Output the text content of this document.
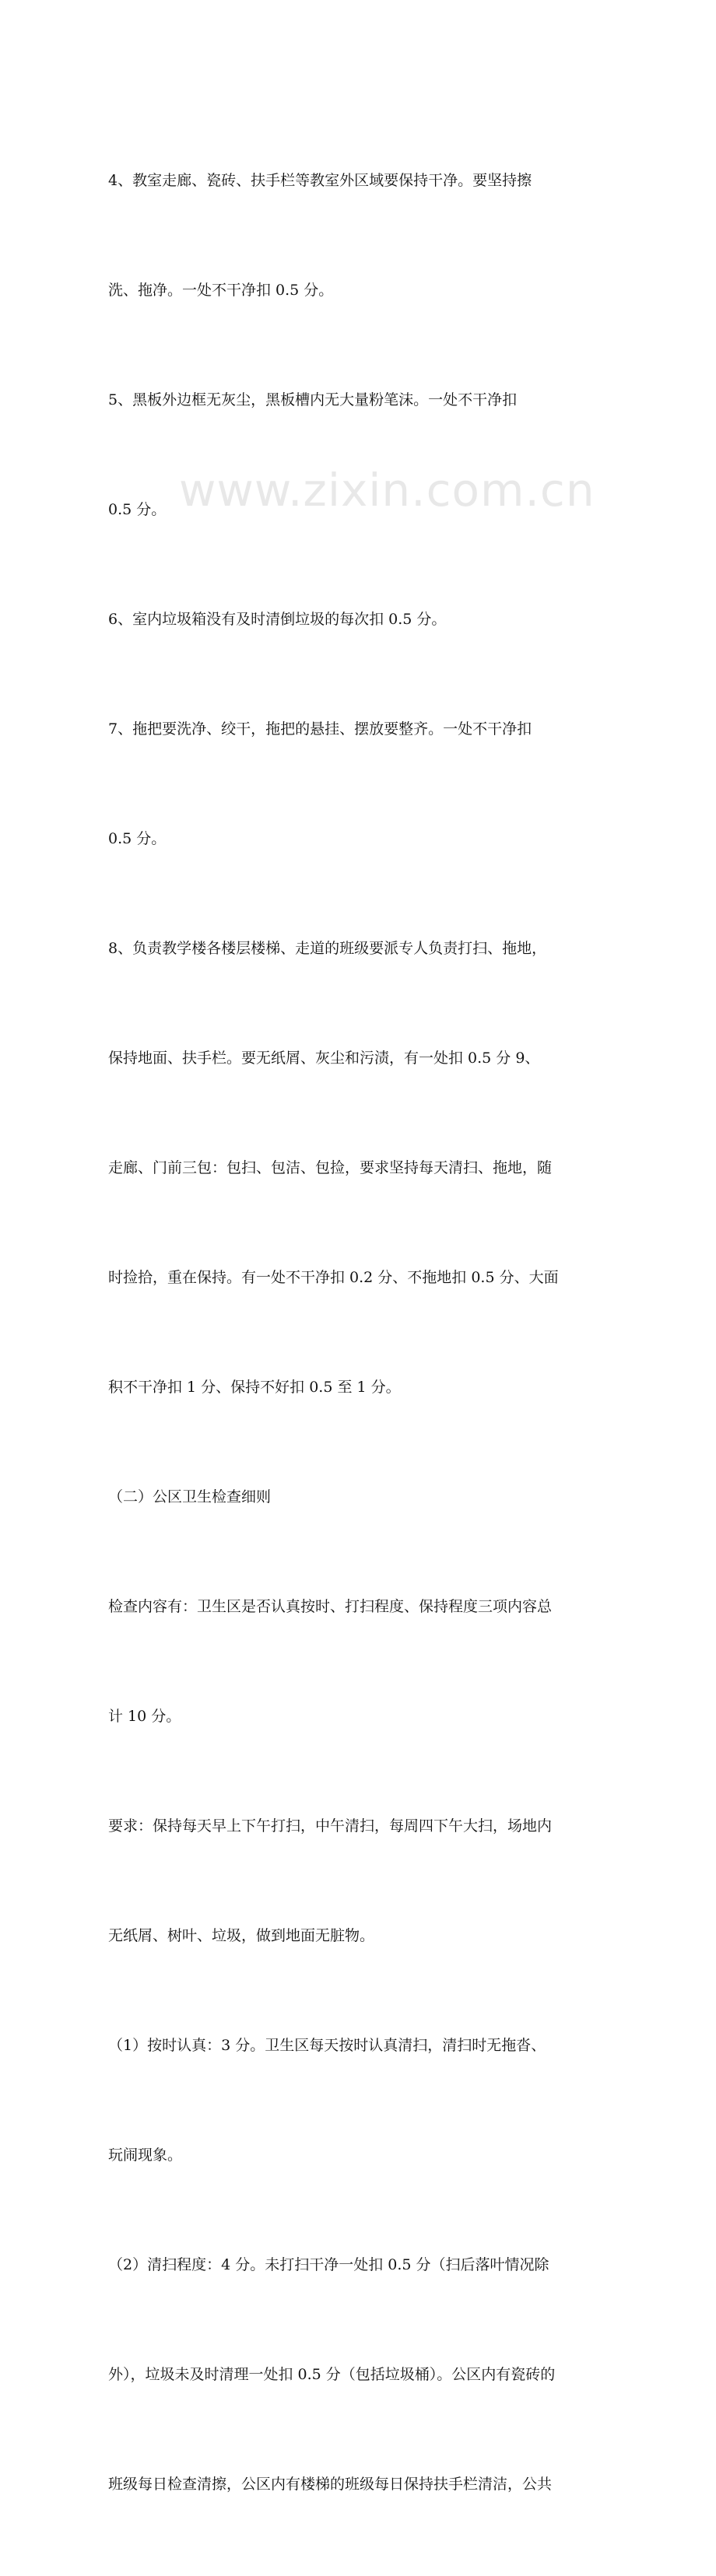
4、教室走廊、瓷砖、扶手栏等教室外区域要保持干净。要坚持擦

洗、拖净。一处不干净扣 0.5 分。

5、黑板外边框无灰尘，黑板槽内无大量粉笔沫。一处不干净扣

0.5 分。

6、室内垃圾箱没有及时清倒垃圾的每次扣 0.5 分。

7、拖把要洗净、绞干，拖把的悬挂、摆放要整齐。一处不干净扣

0.5 分。

8、负责教学楼各楼层楼梯、走道的班级要派专人负责打扫、拖地，

保持地面、扶手栏。要无纸屑、灰尘和污渍，有一处扣 0.5 分 9、

走廊、门前三包：包扫、包洁、包捡，要求坚持每天清扫、拖地，随

时捡拾，重在保持。有一处不干净扣 0.2 分、不拖地扣 0.5 分、大面

积不干净扣 1 分、保持不好扣 0.5 至 1 分。

（二）公区卫生检查细则

检查内容有：卫生区是否认真按时、打扫程度、保持程度三项内容总

计 10 分。

要求：保持每天早上下午打扫，中午清扫，每周四下午大扫，场地内

无纸屑、树叶、垃圾，做到地面无脏物。

（1）按时认真：3 分。卫生区每天按时认真清扫，清扫时无拖沓、

玩闹现象。

（2）清扫程度：4 分。未打扫干净一处扣 0.5 分（扫后落叶情况除

外），垃圾未及时清理一处扣 0.5 分（包括垃圾桶）。公区内有瓷砖的

班级每日检查清擦，公区内有楼梯的班级每日保持扶手栏清洁，公共

www.zixin.com.cn
